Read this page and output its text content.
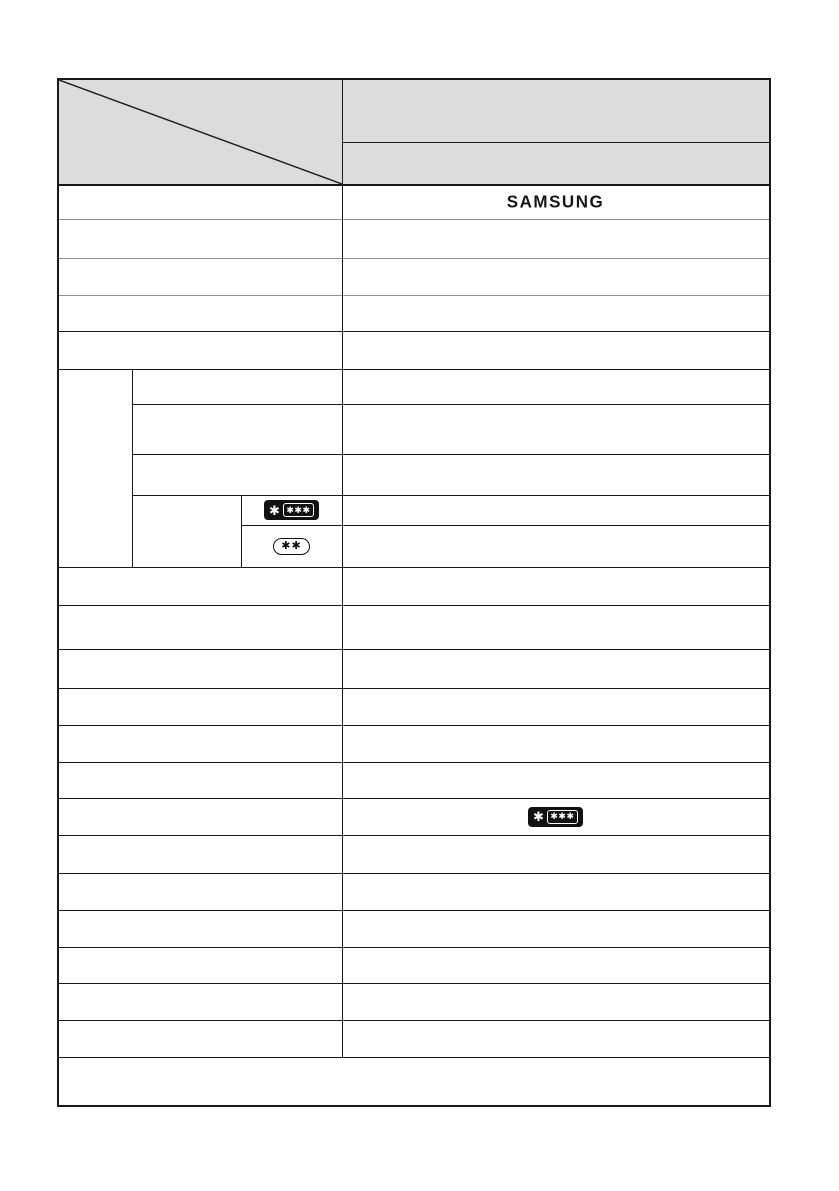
SAMSUNG
✱ ✱✱✱
✱✱
✱ ✱✱✱
